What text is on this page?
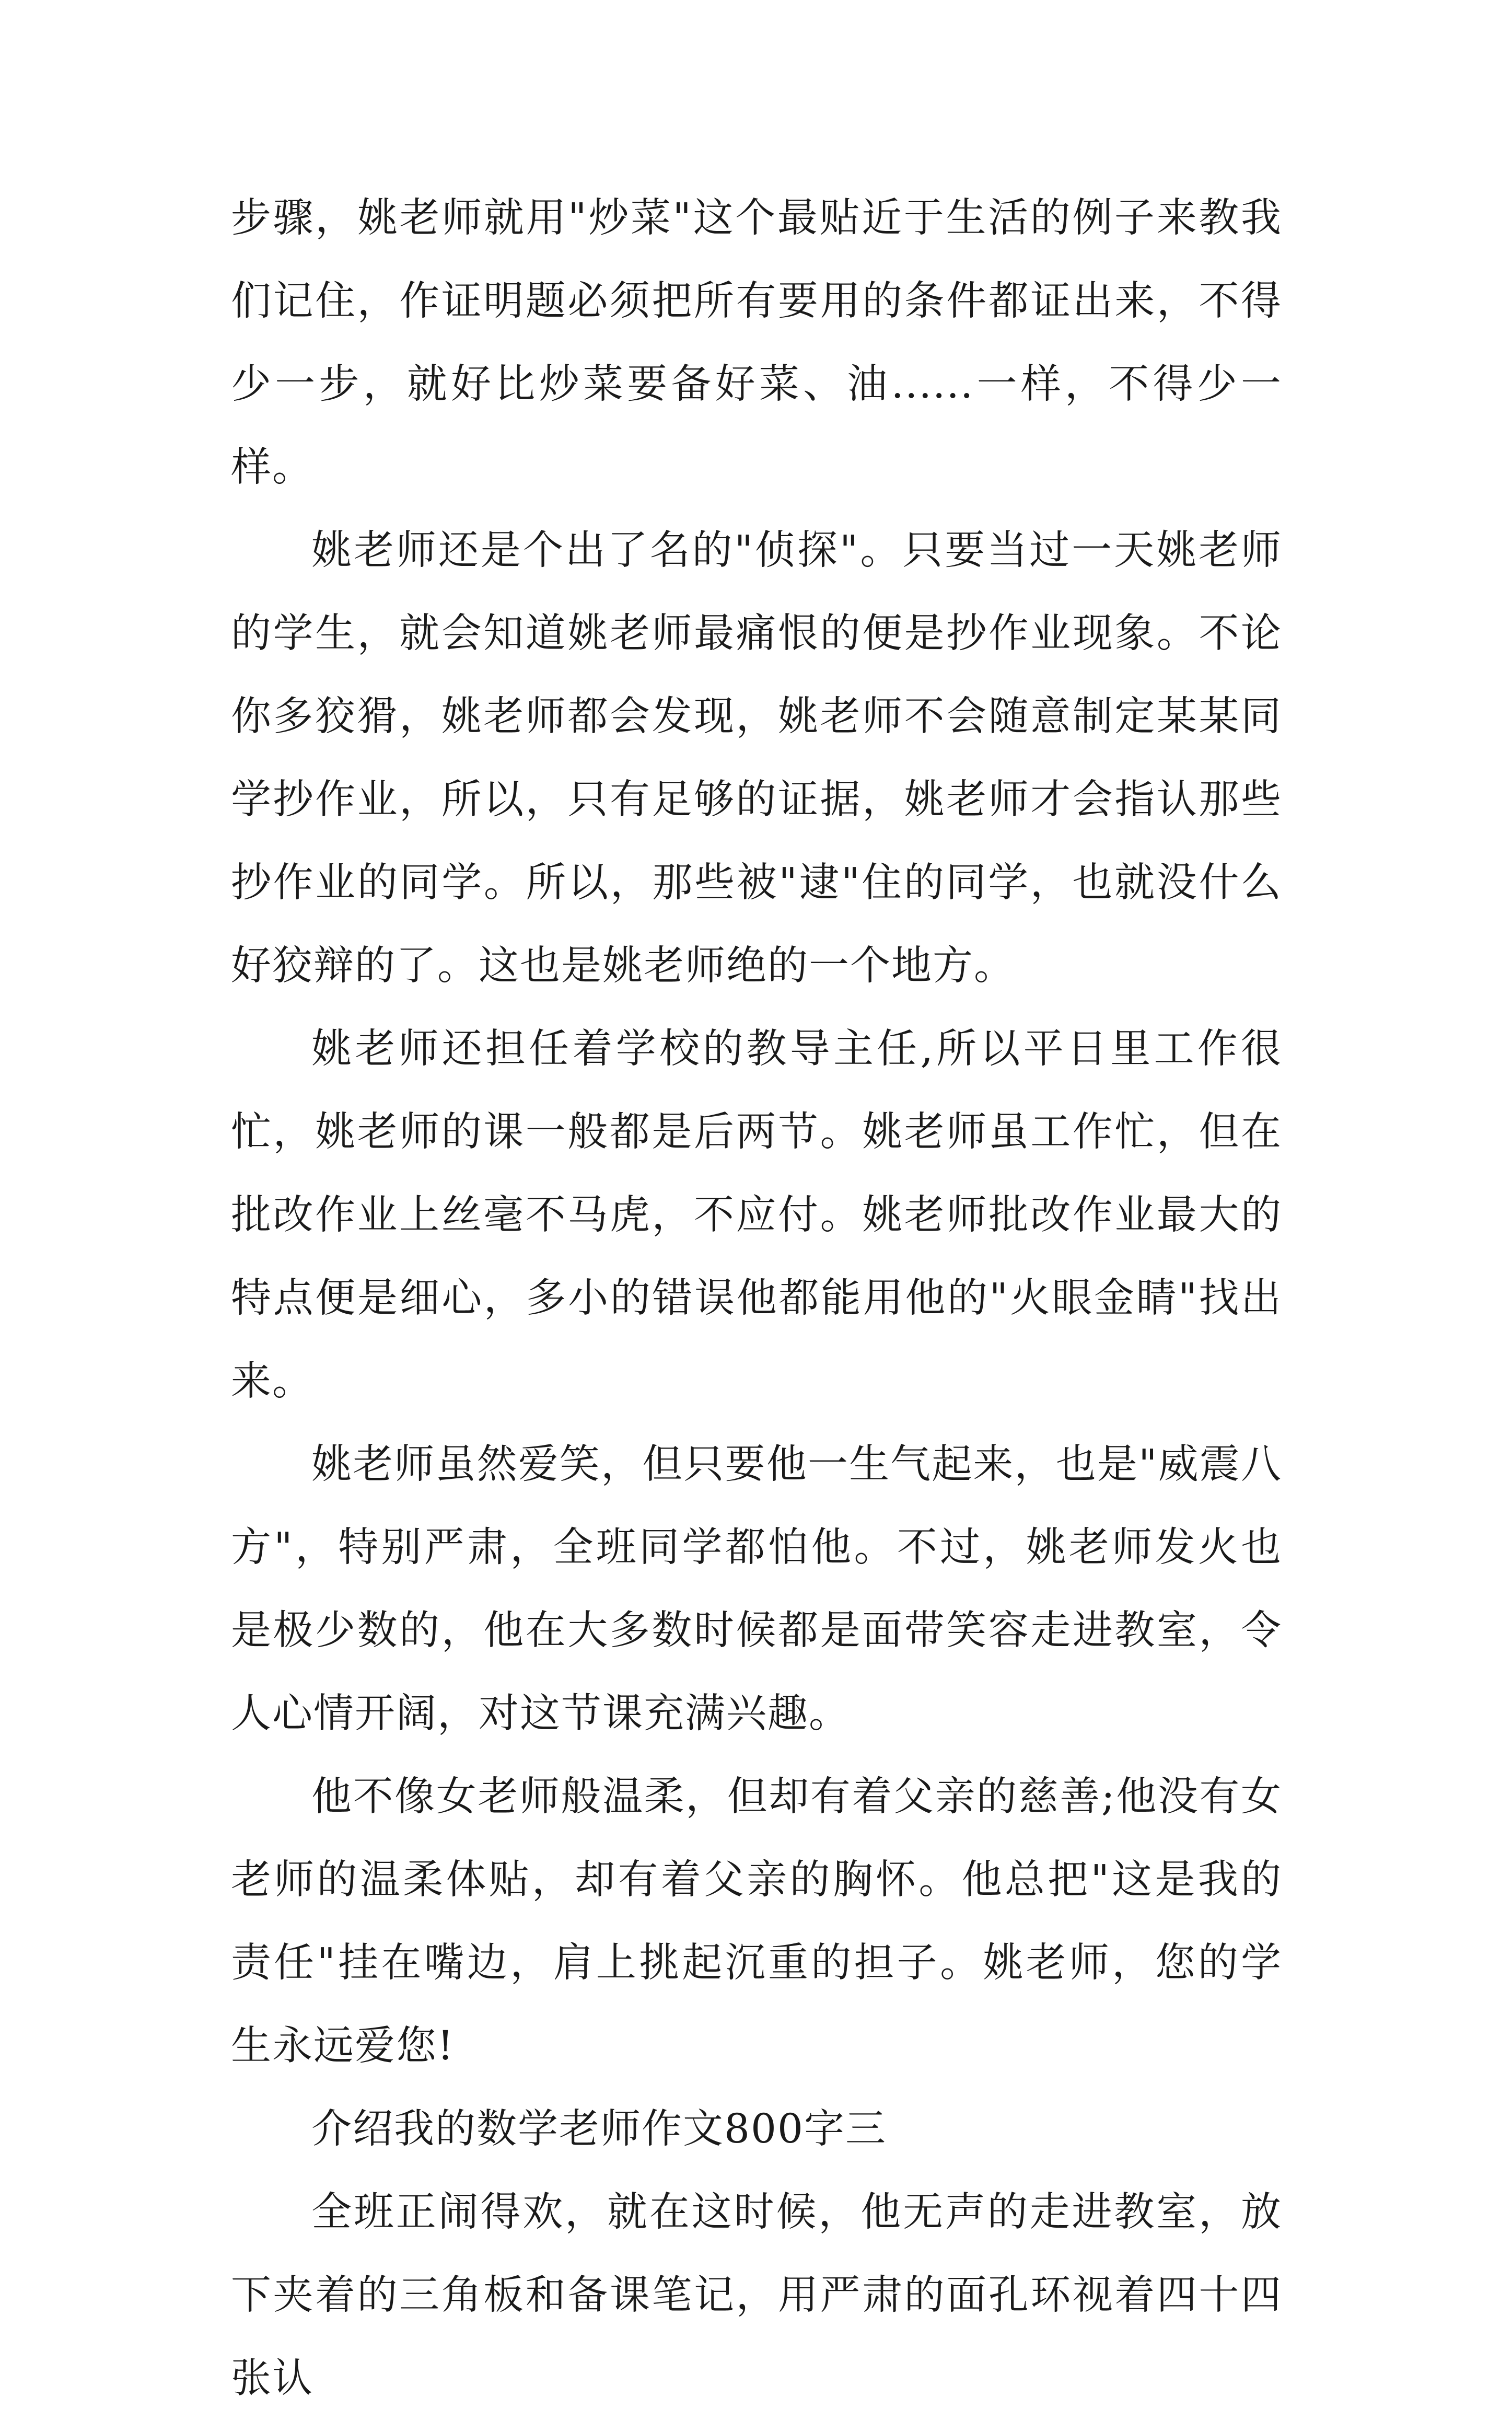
步骤，姚老师就用"炒菜"这个最贴近于生活的例子来教我们记住，作证明题必须把所有要用的条件都证出来，不得少一步，就好比炒菜要备好菜、油......一样，不得少一样。

姚老师还是个出了名的"侦探"。只要当过一天姚老师的学生，就会知道姚老师最痛恨的便是抄作业现象。不论你多狡猾，姚老师都会发现，姚老师不会随意制定某某同学抄作业，所以，只有足够的证据，姚老师才会指认那些抄作业的同学。所以，那些被"逮"住的同学，也就没什么好狡辩的了。这也是姚老师绝的一个地方。

姚老师还担任着学校的教导主任,所以平日里工作很忙，姚老师的课一般都是后两节。姚老师虽工作忙，但在批改作业上丝毫不马虎，不应付。姚老师批改作业最大的特点便是细心，多小的错误他都能用他的"火眼金睛"找出来。

姚老师虽然爱笑，但只要他一生气起来，也是"威震八方"，特别严肃，全班同学都怕他。不过，姚老师发火也是极少数的，他在大多数时候都是面带笑容走进教室，令人心情开阔，对这节课充满兴趣。

他不像女老师般温柔，但却有着父亲的慈善;他没有女老师的温柔体贴，却有着父亲的胸怀。他总把"这是我的责任"挂在嘴边，肩上挑起沉重的担子。姚老师，您的学生永远爱您!

介绍我的数学老师作文800字三

全班正闹得欢，就在这时候，他无声的走进教室，放下夹着的三角板和备课笔记，用严肃的面孔环视着四十四张认
